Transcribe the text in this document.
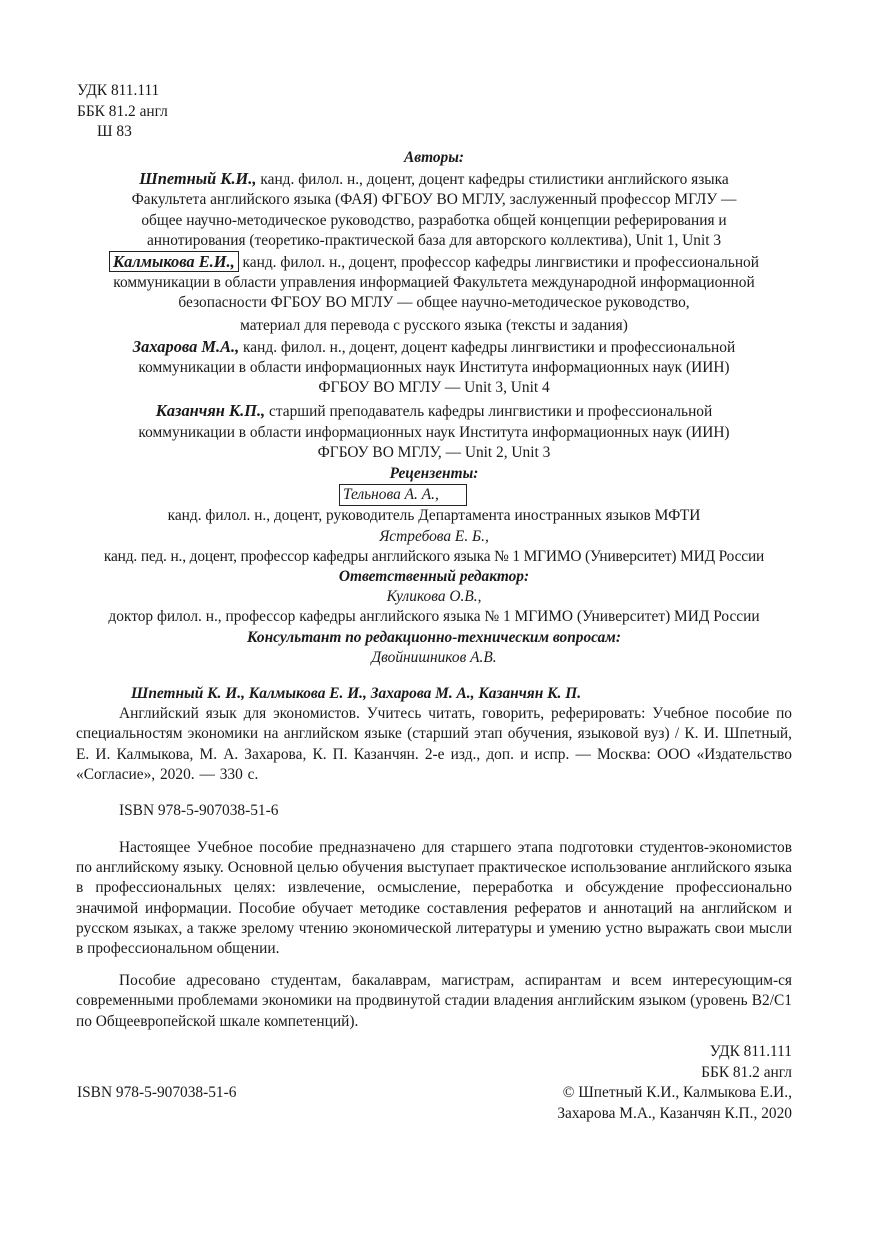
УДК 811.111
ББК 81.2 англ
Ш 83
Авторы:
Шпетный К.И., канд. филол. н., доцент, доцент кафедры стилистики английского языка
Факультета английского языка (ФАЯ) ФГБОУ ВО МГЛУ, заслуженный профессор МГЛУ —
общее научно-методическое руководство, разработка общей концепции реферирования и
аннотирования (теоретико-практической база для авторского коллектива), Unit 1, Unit 3
Калмыкова Е.И., канд. филол. н., доцент, профессор кафедры лингвистики и профессиональной
коммуникации в области управления информацией Факультета международной информационной
безопасности ФГБОУ ВО МГЛУ — общее научно-методическое руководство,
материал для перевода с русского языка (тексты и задания)
Захарова М.А., канд. филол. н., доцент, доцент кафедры лингвистики и профессиональной
коммуникации в области информационных наук Института информационных наук (ИИН)
ФГБОУ ВО МГЛУ — Unit 3, Unit 4
Казанчян К.П., старший преподаватель кафедры лингвистики и профессиональной
коммуникации в области информационных наук Института информационных наук (ИИН)
ФГБОУ ВО МГЛУ, — Unit 2, Unit 3
Рецензенты:
Тельнова А. А.,
канд. филол. н., доцент, руководитель Департамента иностранных языков МФТИ
Ястребова Е. Б.,
канд. пед. н., доцент, профессор кафедры английского языка № 1 МГИМО (Университет) МИД России
Ответственный редактор:
Куликова О.В.,
доктор филол. н., профессор кафедры английского языка № 1 МГИМО (Университет) МИД России
Консультант по редакционно-техническим вопросам:
Двойнишников А.В.
Шпетный К. И., Калмыкова Е. И., Захарова М. А., Казанчян К. П.
Английский язык для экономистов. Учитесь читать, говорить, реферировать: Учебное пособие по специальностям экономики на английском языке (старший этап обучения, языковой вуз) / К. И. Шпетный, Е. И. Калмыкова, М. А. Захарова, К. П. Казанчян. 2-е изд., доп. и испр. — Москва: ООО «Издательство «Согласие», 2020. — 330 с.
ISBN 978-5-907038-51-6
Настоящее Учебное пособие предназначено для старшего этапа подготовки студентов-экономистов по английскому языку. Основной целью обучения выступает практическое использование английского языка в профессиональных целях: извлечение, осмысление, переработка и обсуждение профессионально значимой информации. Пособие обучает методике составления рефератов и аннотаций на английском и русском языках, а также зрелому чтению экономической литературы и умению устно выражать свои мысли в профессиональном общении.
Пособие адресовано студентам, бакалаврам, магистрам, аспирантам и всем интересующим-ся современными проблемами экономики на продвинутой стадии владения английским языком (уровень В2/С1 по Общеевропейской шкале компетенций).
ISBN 978-5-907038-51-6
УДК 811.111
ББК 81.2 англ
© Шпетный К.И., Калмыкова Е.И.,
Захарова М.А., Казанчян К.П., 2020
